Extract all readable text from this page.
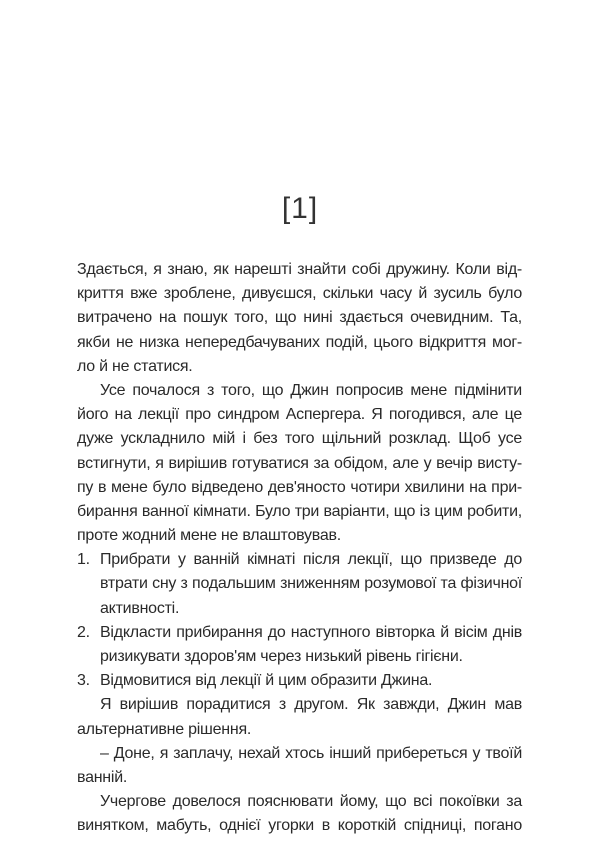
[1]
Здається, я знаю, як нарешті знайти собі дружину. Коли від-
криття вже зроблене, дивуєшся, скільки часу й зусиль було
витрачено на пошук того, що нині здається очевидним. Та,
якби не низка непередбачуваних подій, цього відкриття мог-
ло й не статися.
Усе почалося з того, що Джин попросив мене підмінити
його на лекції про синдром Аспергера. Я погодився, але це
дуже ускладнило мій і без того щільний розклад. Щоб усе
встигнути, я вирішив готуватися за обідом, але у вечір висту-
пу в мене було відведено дев'яносто чотири хвилини на при-
бирання ванної кімнати. Було три варіанти, що із цим робити,
проте жодний мене не влаштовував.
1. Прибрати у ванній кімнаті після лекції, що призведе до
втрати сну з подальшим зниженням розумової та фізичної
активності.
2. Відкласти прибирання до наступного вівторка й вісім днів
ризикувати здоров'ям через низький рівень гігієни.
3. Відмовитися від лекції й цим образити Джина.
Я вирішив порадитися з другом. Як завжди, Джин мав
альтернативне рішення.
– Доне, я заплачу, нехай хтось інший прибереться у твоїй
ванній.
Учергове довелося пояснювати йому, що всі покоївки за
винятком, мабуть, однієї угорки в короткій спідниці, погано
